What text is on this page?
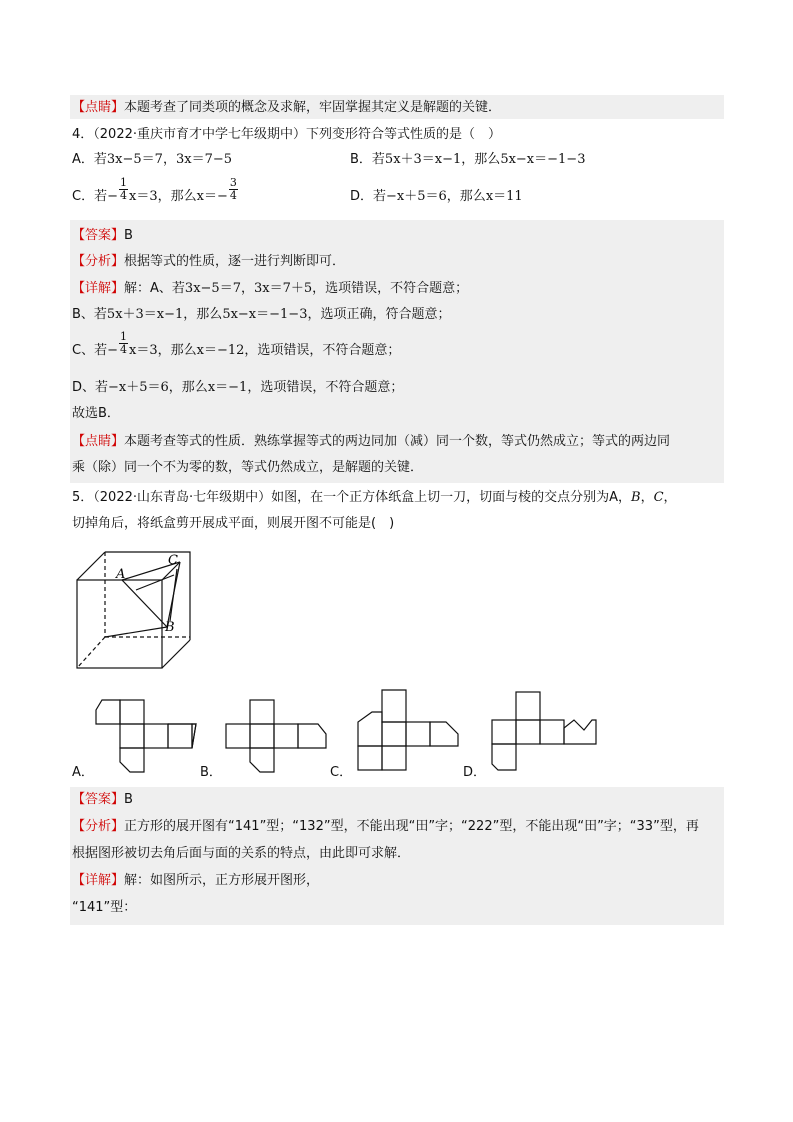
【点睛】本题考查了同类项的概念及求解，牢固掌握其定义是解题的关键．
4．（2022·重庆市育才中学七年级期中）下列变形符合等式性质的是（　）
A．若3x−5＝7，3x＝7−5	B．若5x＋3＝x−1，那么5x−x＝−1−3
C．若− $\frac{1}{4} x=3$，那么$x=- \frac{3}{4}$	D．若−x＋5＝6，那么x＝11
【答案】B
【分析】根据等式的性质，逐一进行判断即可．
【详解】解：A、若3x−5＝7，3x＝7＋5，选项错误，不符合题意；
B、若5x＋3＝x−1，那么5x−x＝−1−3，选项正确，符合题意；
C、若− $\frac{1}{4} x=3$，那么x＝−12，选项错误，不符合题意；
D、若−x＋5＝6，那么x＝−1，选项错误，不符合题意；
故选B．
【点睛】本题考查等式的性质．熟练掌握等式的两边同加（减）同一个数，等式仍然成立；等式的两边同
乘（除）同一个不为零的数，等式仍然成立，是解题的关键．
5．（2022·山东青岛·七年级期中）如图，在一个正方体纸盒上切一刀，切面与棱的交点分别为A，B，C，
切掉角后，将纸盒剪开展成平面，则展开图不可能是(　)
A
C
B
A．	B．	C．	D．
【答案】B
【分析】正方形的展开图有“141”型；“132”型，不能出现“田”字；“222”型，不能出现“田”字；“33”型，再
根据图形被切去角后面与面的关系的特点，由此即可求解．
【详解】解：如图所示，正方形展开图形，
“141”型：
